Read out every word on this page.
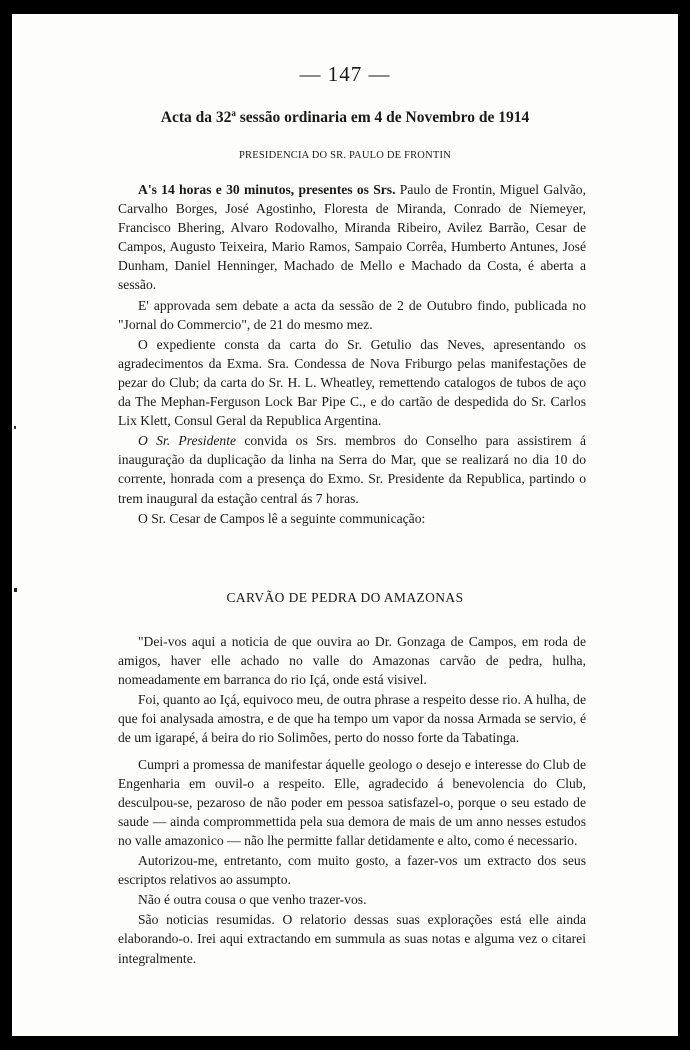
— 147 —
Acta da 32$^a$ sessão ordinaria em 4 de Novembro de 1914
PRESIDENCIA DO SR. PAULO DE FRONTIN

A's 14 horas e 30 minutos, presentes os Srs. Paulo de Frontin, Miguel Galvão, Carvalho Borges, José Agostinho, Floresta de Miranda, Conrado de Niemeyer, Francisco Bhering, Alvaro Rodovalho, Miranda Ribeiro, Avilez Barrão, Cesar de Campos, Augusto Teixeira, Mario Ramos, Sampaio Corrêa, Humberto Antunes, José Dunham, Daniel Henninger, Machado de Mello e Machado da Costa, é aberta a sessão.

E' approvada sem debate a acta da sessão de 2 de Outubro findo, publicada no "Jornal do Commercio", de 21 do mesmo mez.

O expediente consta da carta do Sr. Getulio das Neves, apresentando os agradecimentos da Exma. Sra. Condessa de Nova Friburgo pelas manifestações de pezar do Club; da carta do Sr. H. L. Wheatley, remettendo catalogos de tubos de aço da The Mephan-Ferguson Lock Bar Pipe C., e do cartão de despedida do Sr. Carlos Lix Klett, Consul Geral da Republica Argentina.

O Sr. Presidente convida os Srs. membros do Conselho para assistirem á inauguração da duplicação da linha na Serra do Mar, que se realizará no dia 10 do corrente, honrada com a presença do Exmo. Sr. Presidente da Republica, partindo o trem inaugural da estação central ás 7 horas.

O Sr. Cesar de Campos lê a seguinte communicação:

CARVÃO DE PEDRA DO AMAZONAS

"Dei-vos aqui a noticia de que ouvira ao Dr. Gonzaga de Campos, em roda de amigos, haver elle achado no valle do Amazonas carvão de pedra, hulha, nomeadamente em barranca do rio Içá, onde está visivel.

Foi, quanto ao Içá, equivoco meu, de outra phrase a respeito desse rio. A hulha, de que foi analysada amostra, e de que ha tempo um vapor da nossa Armada se servio, é de um igarapé, á beira do rio Solimões, perto do nosso forte da Tabatinga.

Cumpri a promessa de manifestar áquelle geologo o desejo e interesse do Club de Engenharia em ouvil-o a respeito. Elle, agradecido á benevolencia do Club, desculpou-se, pezaroso de não poder em pessoa satisfazel-o, porque o seu estado de saude — ainda comprommettida pela sua demora de mais de um anno nesses estudos no valle amazonico — não lhe permitte fallar detidamente e alto, como é necessario.

Autorizou-me, entretanto, com muito gosto, a fazer-vos um extracto dos seus escriptos relativos ao assumpto.

Não é outra cousa o que venho trazer-vos.

São noticias resumidas. O relatorio dessas suas explorações está elle ainda elaborando-o. Irei aqui extractando em summula as suas notas e alguma vez o citarei integralmente.
